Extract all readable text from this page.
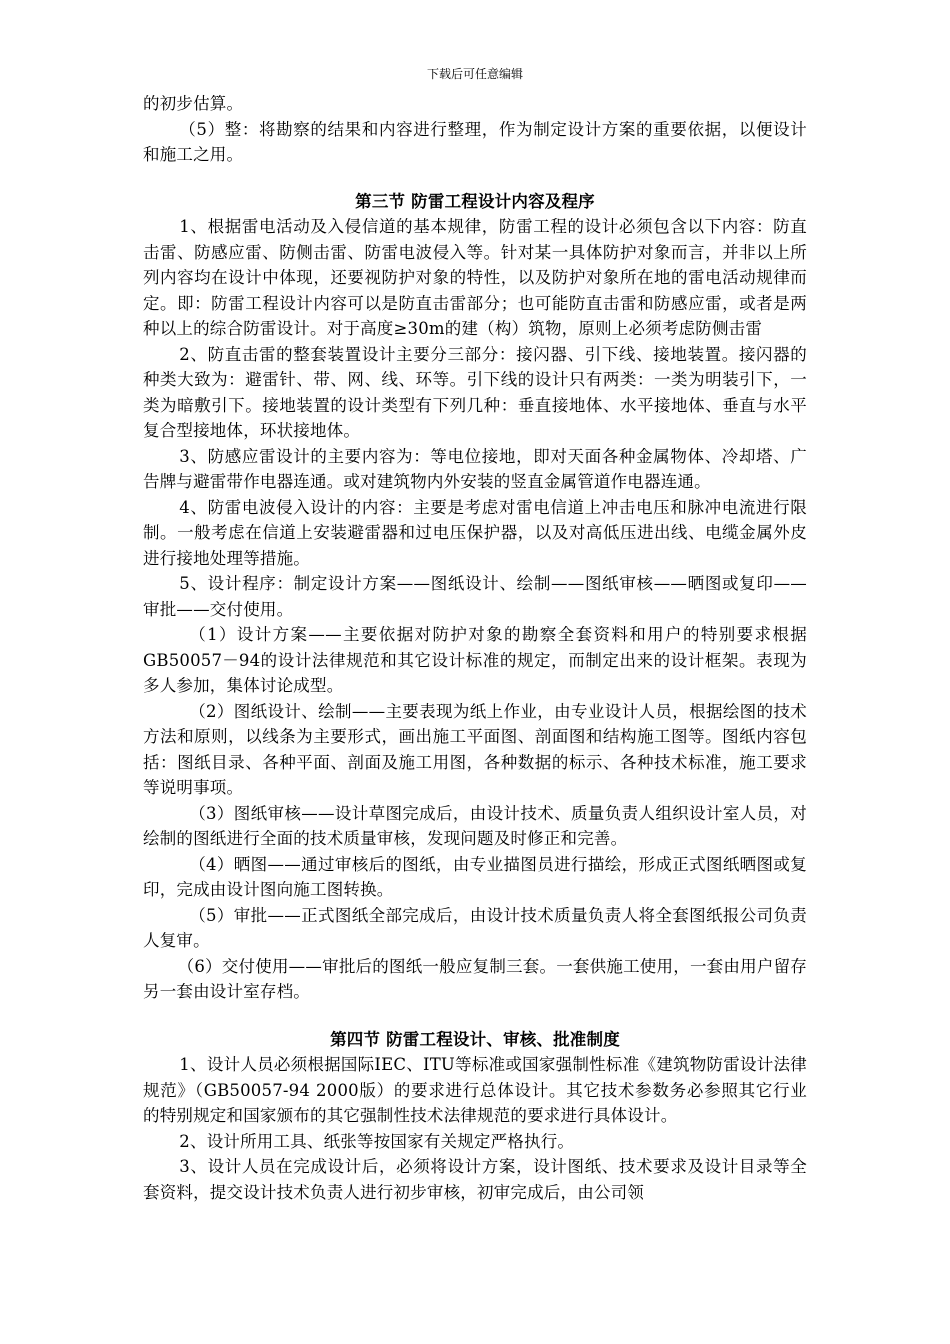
下载后可任意编辑

的初步估算。

（5）整：将勘察的结果和内容进行整理，作为制定设计方案的重要依据，以便设计和施工之用。

第三节 防雷工程设计内容及程序

1、根据雷电活动及入侵信道的基本规律，防雷工程的设计必须包含以下内容：防直击雷、防感应雷、防侧击雷、防雷电波侵入等。针对某一具体防护对象而言，并非以上所列内容均在设计中体现，还要视防护对象的特性，以及防护对象所在地的雷电活动规律而定。即：防雷工程设计内容可以是防直击雷部分；也可能防直击雷和防感应雷，或者是两种以上的综合防雷设计。对于高度≥30m的建（构）筑物，原则上必须考虑防侧击雷

2、防直击雷的整套装置设计主要分三部分：接闪器、引下线、接地装置。接闪器的种类大致为：避雷针、带、网、线、环等。引下线的设计只有两类：一类为明装引下，一类为暗敷引下。接地装置的设计类型有下列几种：垂直接地体、水平接地体、垂直与水平复合型接地体，环状接地体。

3、防感应雷设计的主要内容为：等电位接地，即对天面各种金属物体、冷却塔、广告牌与避雷带作电器连通。或对建筑物内外安装的竖直金属管道作电器连通。

4、防雷电波侵入设计的内容：主要是考虑对雷电信道上冲击电压和脉冲电流进行限制。一般考虑在信道上安装避雷器和过电压保护器，以及对高低压进出线、电缆金属外皮进行接地处理等措施。

5、设计程序：制定设计方案——图纸设计、绘制——图纸审核——晒图或复印——审批——交付使用。

（1）设计方案——主要依据对防护对象的勘察全套资料和用户的特别要求根据GB50057－94的设计法律规范和其它设计标准的规定，而制定出来的设计框架。表现为多人参加，集体讨论成型。

（2）图纸设计、绘制——主要表现为纸上作业，由专业设计人员，根据绘图的技术方法和原则，以线条为主要形式，画出施工平面图、剖面图和结构施工图等。图纸内容包括：图纸目录、各种平面、剖面及施工用图，各种数据的标示、各种技术标准，施工要求等说明事项。

（3）图纸审核——设计草图完成后，由设计技术、质量负责人组织设计室人员，对绘制的图纸进行全面的技术质量审核，发现问题及时修正和完善。

（4）晒图——通过审核后的图纸，由专业描图员进行描绘，形成正式图纸晒图或复印，完成由设计图向施工图转换。

（5）审批——正式图纸全部完成后，由设计技术质量负责人将全套图纸报公司负责人复审。

（6）交付使用——审批后的图纸一般应复制三套。一套供施工使用，一套由用户留存另一套由设计室存档。

第四节 防雷工程设计、审核、批准制度

1、设计人员必须根据国际IEC、ITU等标准或国家强制性标准《建筑物防雷设计法律规范》（GB50057-94 2000版）的要求进行总体设计。其它技术参数务必参照其它行业的特别规定和国家颁布的其它强制性技术法律规范的要求进行具体设计。

2、设计所用工具、纸张等按国家有关规定严格执行。

3、设计人员在完成设计后，必须将设计方案，设计图纸、技术要求及设计目录等全套资料，提交设计技术负责人进行初步审核，初审完成后，由公司领
